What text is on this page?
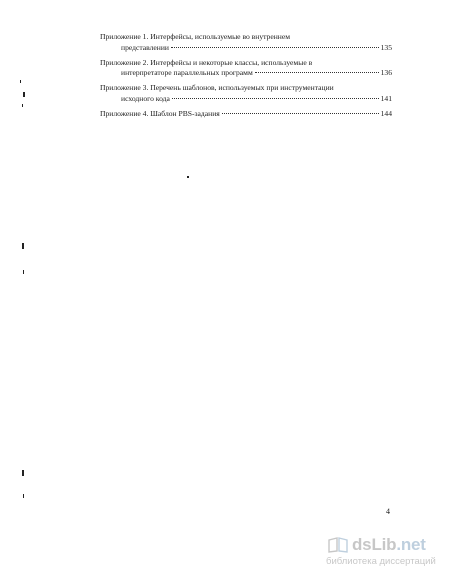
Приложение 1. Интерфейсы, используемые во внутреннем
представлении	135
Приложение 2. Интерфейсы и некоторые классы, используемые в
интерпретаторе параллельных программ	136
Приложение 3. Перечень шаблонов, используемых при инструментации
исходного кода	141
Приложение 4. Шаблон PBS-задания	144
4
dsLib.net
библиотека диссертаций
